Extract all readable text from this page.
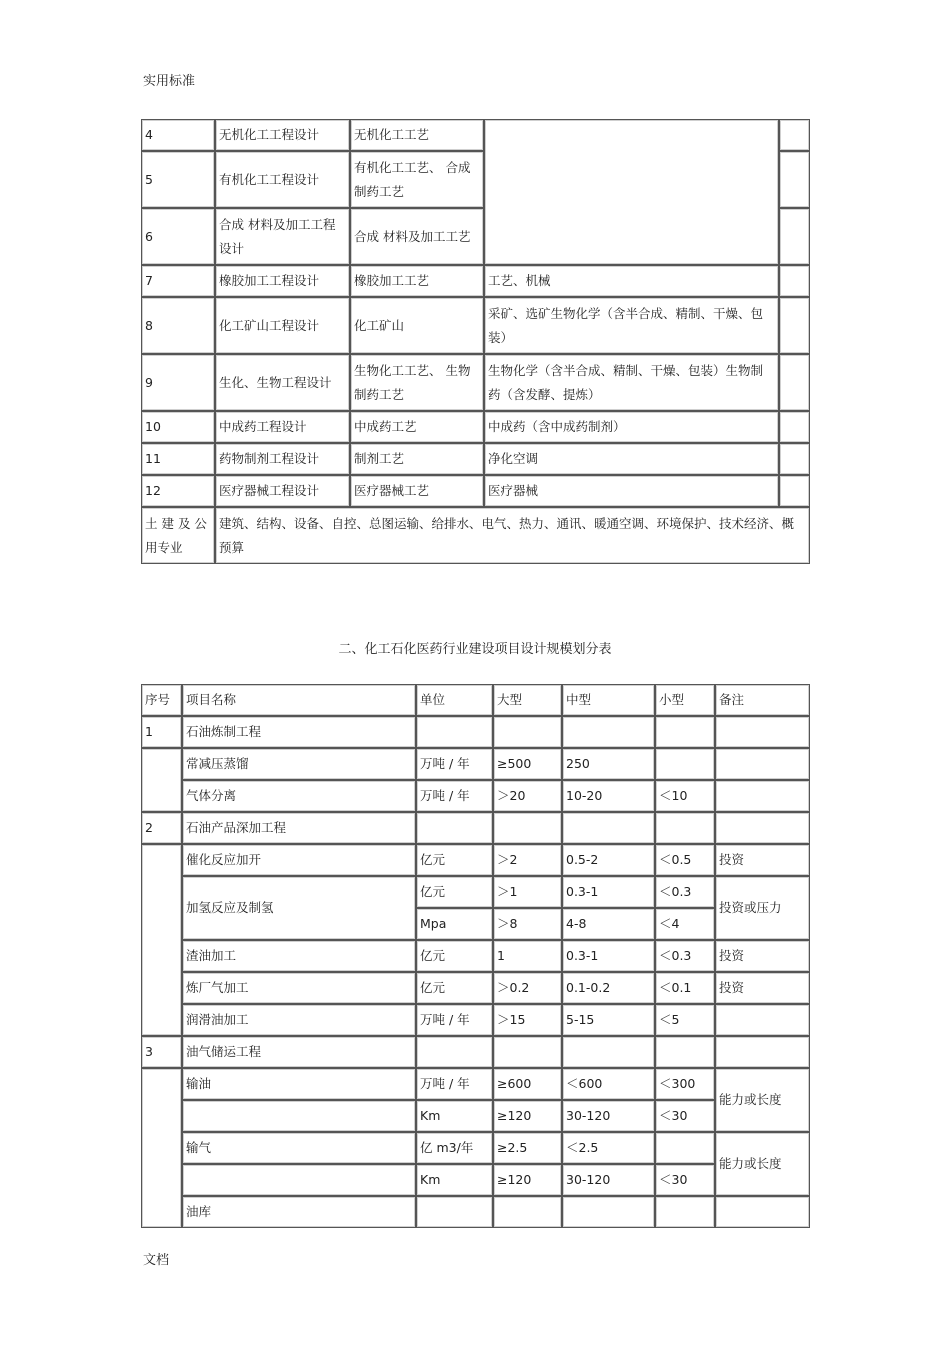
实用标准
4	无机化工工程设计	无机化工工艺		
5	有机化工工程设计	有机化工工艺、 合成制药工艺		
6	合成 材料及加工工程设计	合成 材料及加工工艺		
7	橡胶加工工程设计	橡胶加工工艺	工艺、机械	
8	化工矿山工程设计	化工矿山	采矿、选矿生物化学（含半合成、精制、干燥、包装）	
9	生化、生物工程设计	生物化工工艺、 生物制药工艺	生物化学（含半合成、精制、干燥、包装）生物制药（含发酵、提炼）	
10	中成药工程设计	中成药工艺	中成药（含中成药制剂）	
11	药物制剂工程设计	制剂工艺	净化空调	
12	医疗器械工程设计	医疗器械工艺	医疗器械	
土 建 及 公用专业	建筑、结构、设备、自控、总图运输、给排水、电气、热力、通讯、暖通空调、环境保护、技术经济、概预算			
二、化工石化医药行业建设项目设计规模划分表
序号	项目名称	单位	大型	中型	小型	备注
1	石油炼制工程					
	常减压蒸馏	万吨 / 年	≥500	250		
	气体分离	万吨 / 年	＞20	10-20	＜10	
2	石油产品深加工程					
	催化反应加开	亿元	＞2	0.5-2	＜0.5	投资
	加氢反应及制氢	亿元	＞1	0.3-1	＜0.3	投资或压力
		Mpa	＞8	4-8	＜4	
	渣油加工	亿元	1	0.3-1	＜0.3	投资
	炼厂气加工	亿元	＞0.2	0.1-0.2	＜0.1	投资
	润滑油加工	万吨 / 年	＞15	5-15	＜5	
3	油气储运工程					
	输油	万吨 / 年	≥600	＜600	＜300	能力或长度
		Km	≥120	30-120	＜30	
	输气	亿 m3/年	≥2.5	＜2.5		能力或长度
		Km	≥120	30-120	＜30	
	油库					
文档
